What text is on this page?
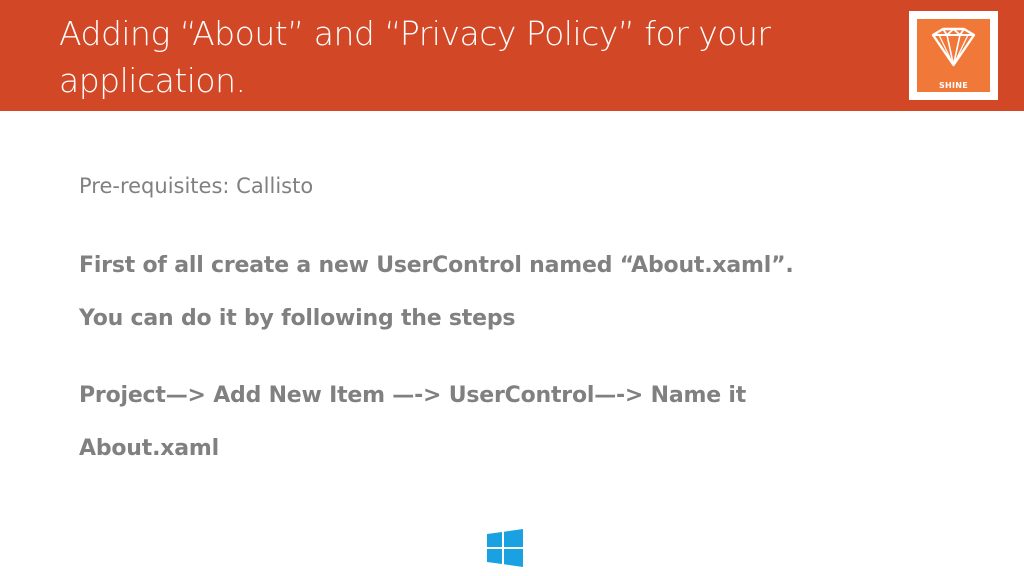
Adding “About” and “Privacy Policy” for your application.	SHINE

Pre-requisites: Callisto

First of all create a new UserControl named “About.xaml”.

You can do it by following the steps

Project—> Add New Item —-> UserControl—-> Name it

About.xaml
